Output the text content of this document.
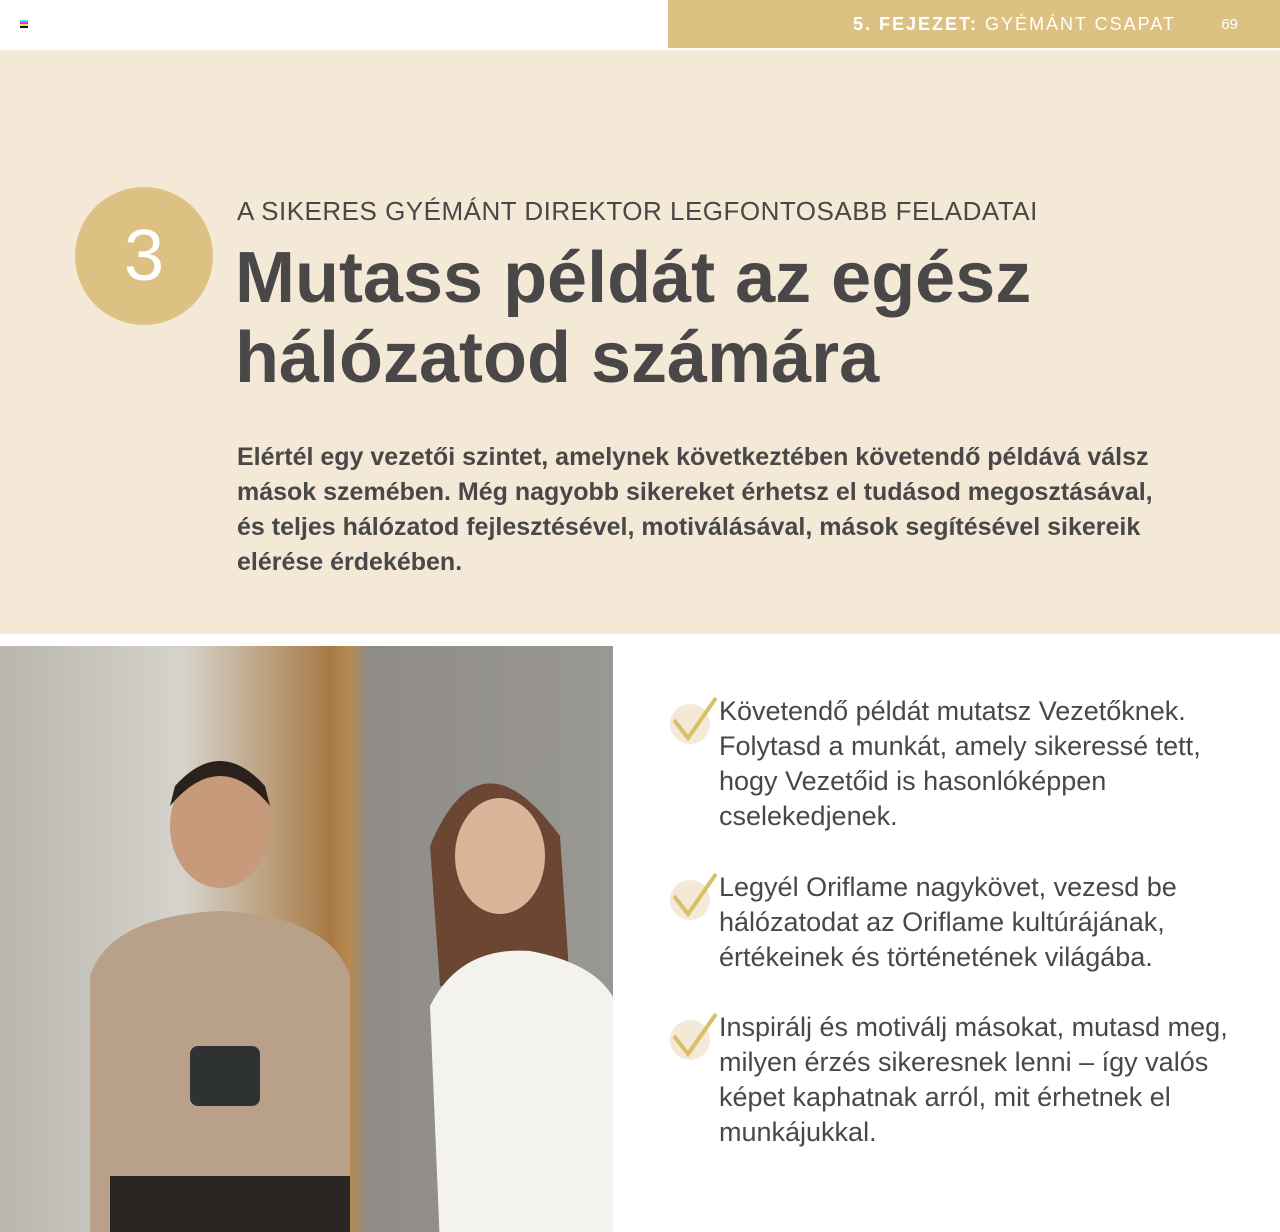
5. FEJEZET: GYÉMÁNT CSAPAT	69
3
A SIKERES GYÉMÁNT DIREKTOR LEGFONTOSABB FELADATAI
Mutass példát az egész
hálózatod számára
Elértél egy vezetői szintet, amelynek következtében követendő példává válsz mások szemében. Még nagyobb sikereket érhetsz el tudásod megosztásával, és teljes hálózatod fejlesztésével, motiválásával, mások segítésével sikereik elérése érdekében.

Követendő példát mutatsz Vezetőknek. Folytasd a munkát, amely sikeressé tett, hogy Vezetőid is hasonlóképpen cselekedjenek.

Legyél Oriflame nagykövet, vezesd be hálózatodat az Oriflame kultúrájának, értékeinek és történetének világába.

Inspirálj és motiválj másokat, mutasd meg, milyen érzés sikeresnek lenni – így valós képet kaphatnak arról, mit érhetnek el munkájukkal.
